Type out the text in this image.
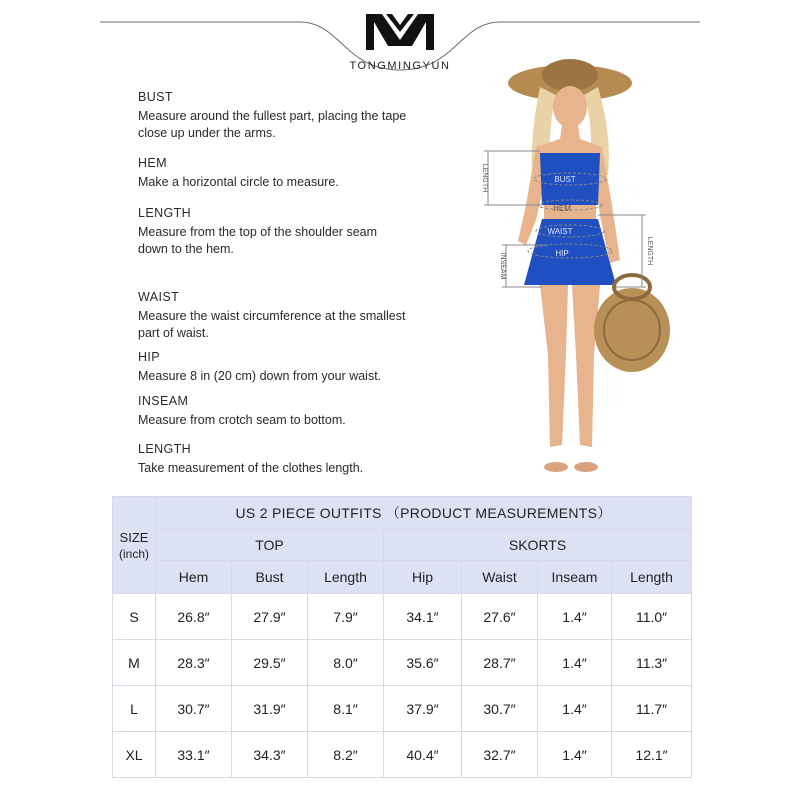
TONGMINGYUN
BUST
Measure around the fullest part, placing the tape close up under the arms.
HEM
Make a horizontal circle to measure.
LENGTH
Measure from the top of the shoulder seam down to the hem.
WAIST
Measure the waist circumference at the smallest part of waist.
HIP
Measure 8 in (20 cm) down from your waist.
INSEAM
Measure from crotch seam to bottom.
LENGTH
Take measurement of the clothes length.
LENGTH	BUST
HEM
WAIST
HIP
INSEAM
LENGTH
SIZE
(inch)	US 2 PIECE OUTFITS （PRODUCT MEASUREMENTS）						
	TOP			SKORTS			
	Hem	Bust	Length	Hip	Waist	Inseam	Length
S	26.8″	27.9″	7.9″	34.1″	27.6″	1.4″	11.0″
M	28.3″	29.5″	8.0″	35.6″	28.7″	1.4″	11.3″
L	30.7″	31.9″	8.1″	37.9″	30.7″	1.4″	11.7″
XL	33.1″	34.3″	8.2″	40.4″	32.7″	1.4″	12.1″
